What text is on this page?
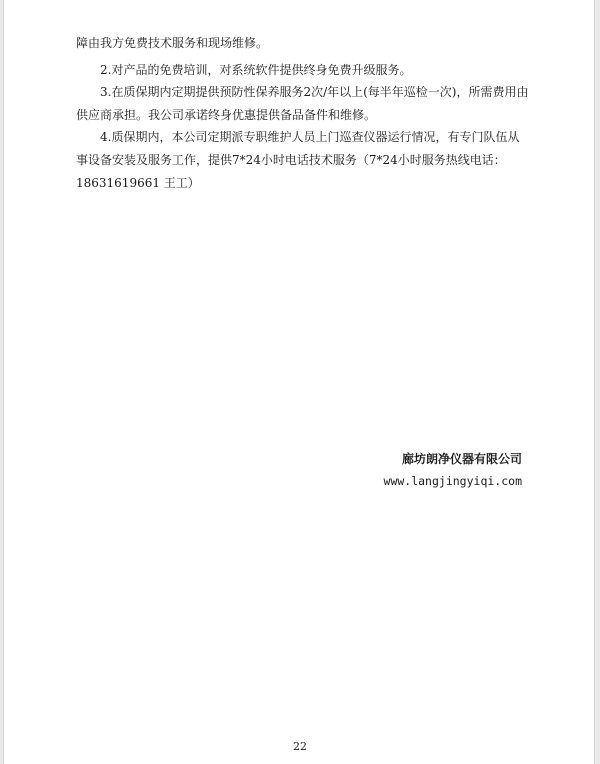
障由我方免费技术服务和现场维修。

2.对产品的免费培训，对系统软件提供终身免费升级服务。

3.在质保期内定期提供预防性保养服务2次/年以上(每半年巡检一次)，所需费用由供应商承担。我公司承诺终身优惠提供备品备件和维修。

4.质保期内，本公司定期派专职维护人员上门巡查仪器运行情况，有专门队伍从事设备安装及服务工作，提供7*24小时电话技术服务（7*24小时服务热线电话：18631619661 王工）

廊坊朗净仪器有限公司
www.langjingyiqi.com
22
